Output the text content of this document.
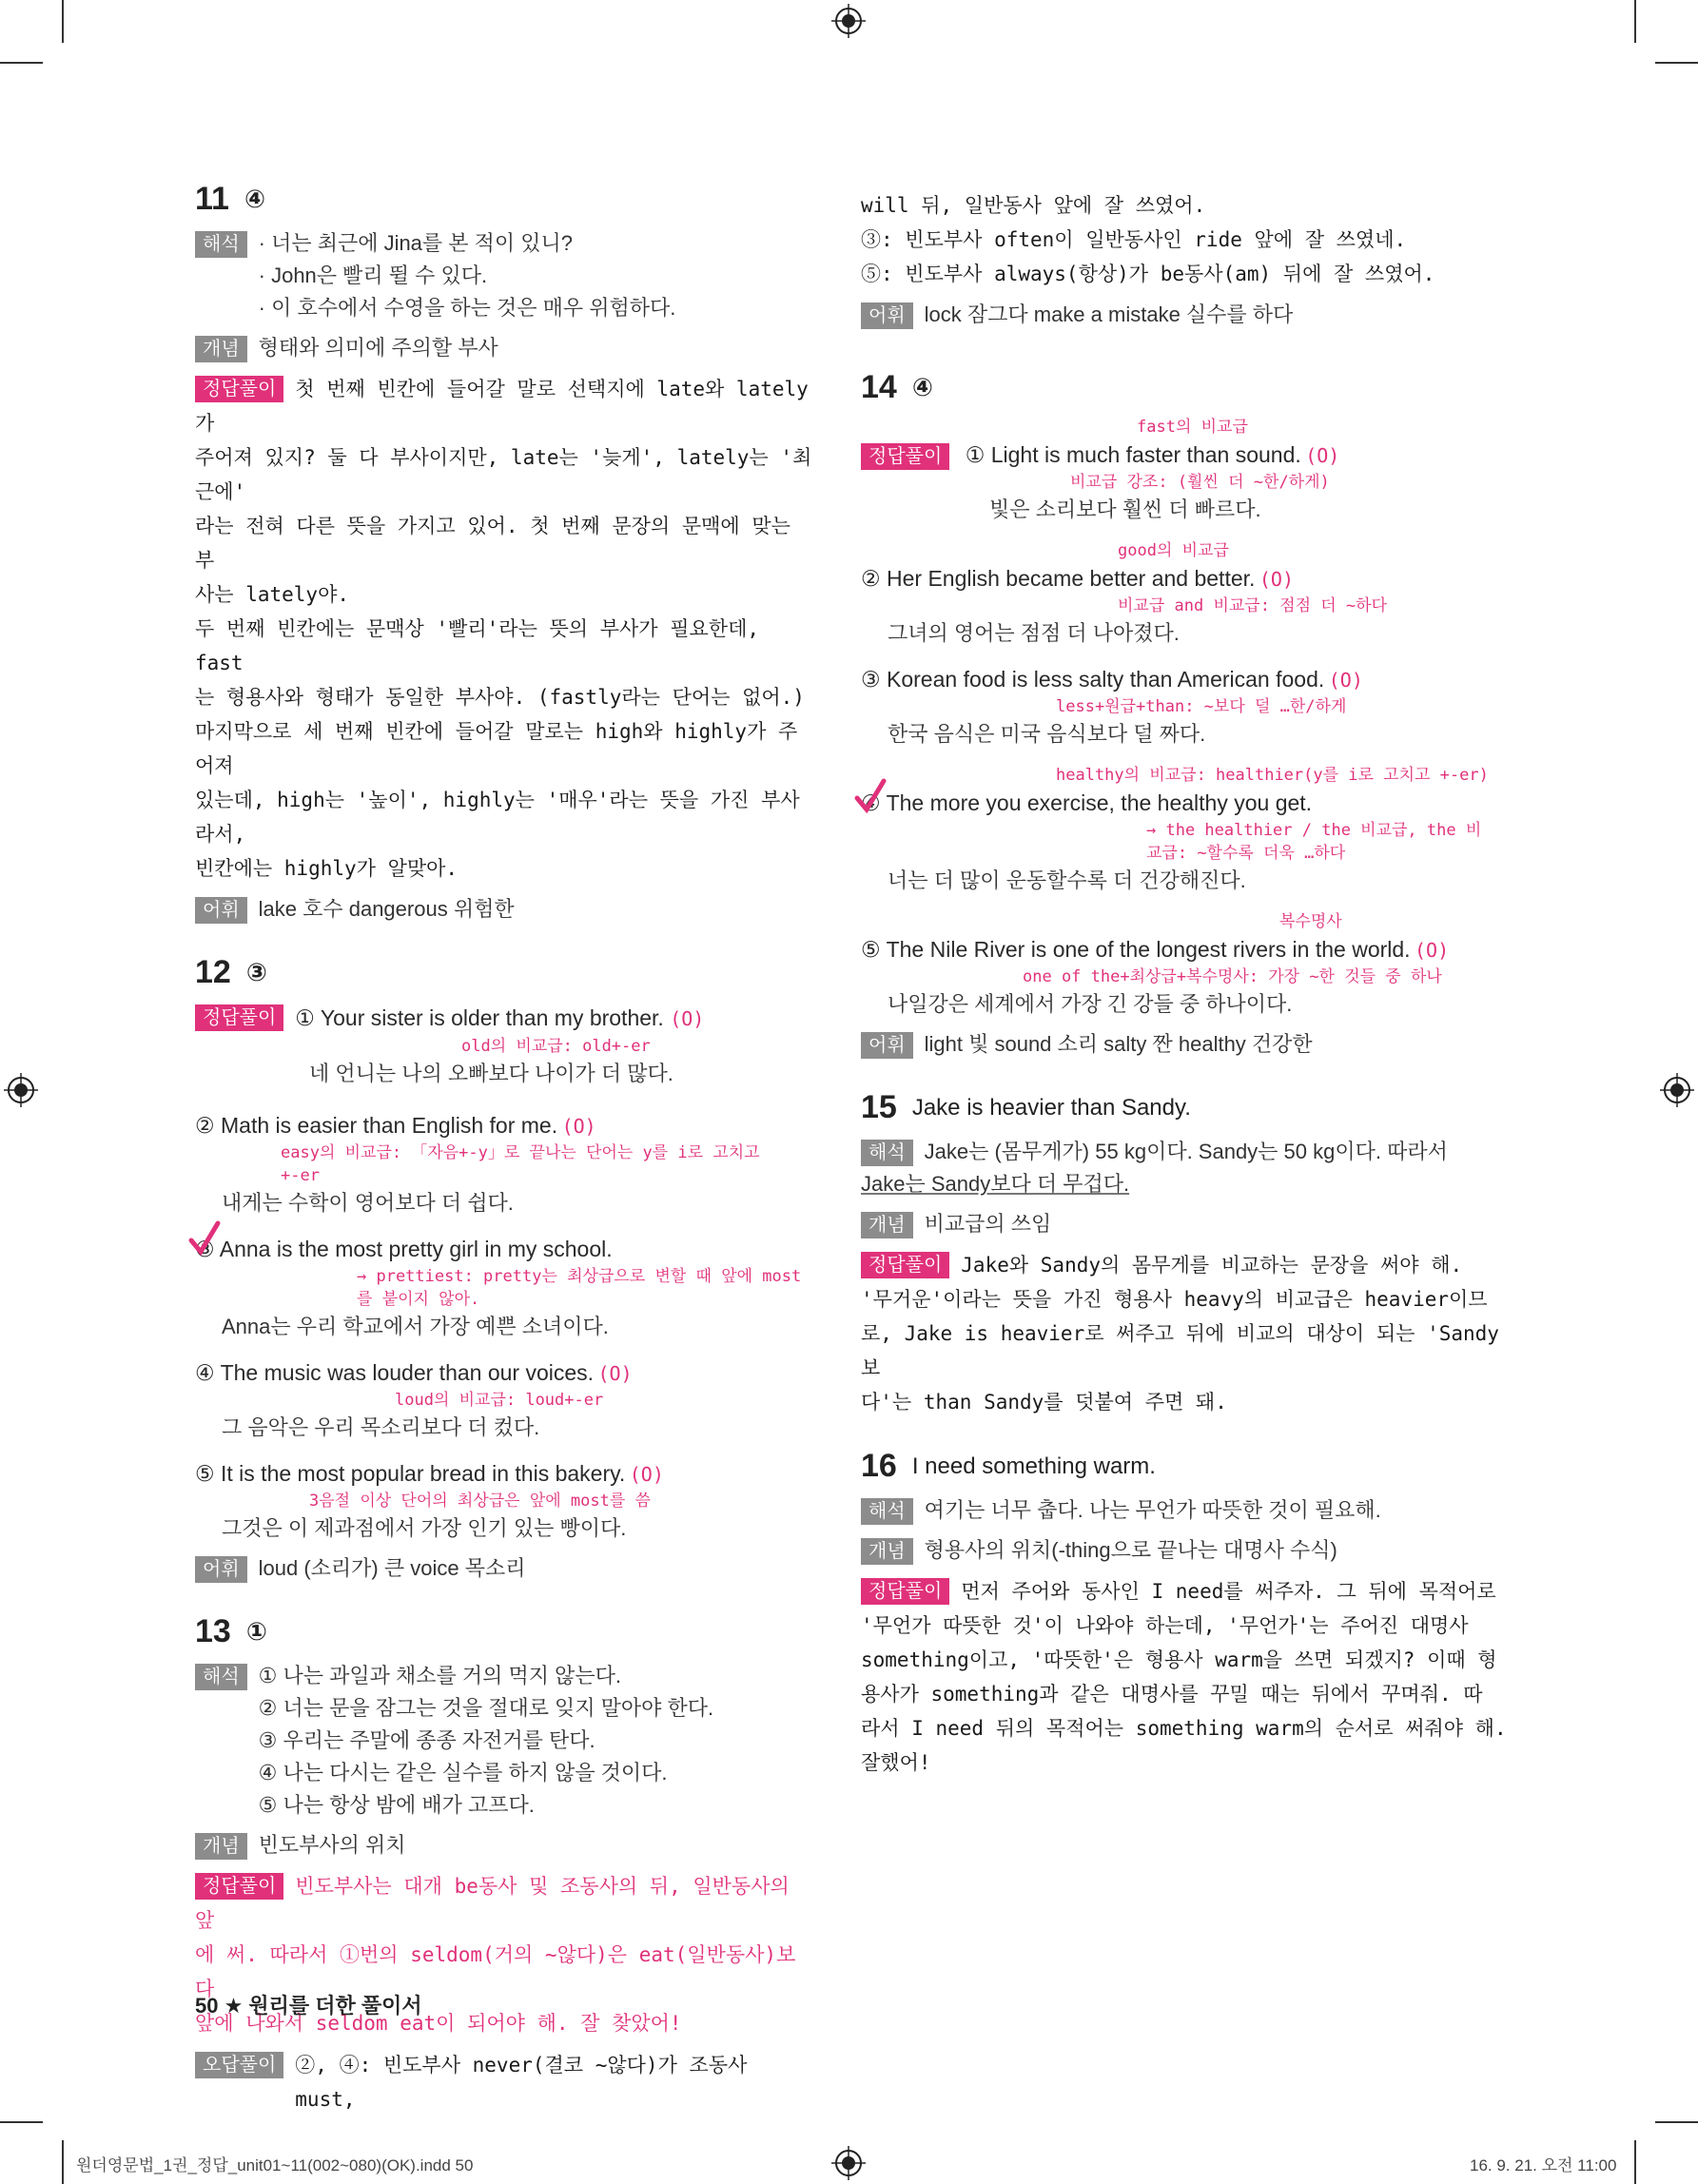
11 ④
해석 · 너는 최근에 Jina를 본 적이 있니?
· John은 빨리 뛸 수 있다.
· 이 호수에서 수영을 하는 것은 매우 위험하다.
개념 형태와 의미에 주의할 부사
정답풀이 첫 번째 빈칸에 들어갈 말로 선택지에 late와 lately가
주어져 있지? 둘 다 부사이지만, late는 '늦게', lately는 '최근에'
라는 전혀 다른 뜻을 가지고 있어. 첫 번째 문장의 문맥에 맞는 부
사는 lately야.
두 번째 빈칸에는 문맥상 '빨리'라는 뜻의 부사가 필요한데, fast
는 형용사와 형태가 동일한 부사야. (fastly라는 단어는 없어.)
마지막으로 세 번째 빈칸에 들어갈 말로는 high와 highly가 주어져
있는데, high는 '높이', highly는 '매우'라는 뜻을 가진 부사라서,
빈칸에는 highly가 알맞아.
어휘 lake 호수 dangerous 위험한
12 ③
정답풀이 ① Your sister is older than my brother. (O)
old의 비교급: old+-er
네 언니는 나의 오빠보다 나이가 더 많다.
② Math is easier than English for me. (O)
easy의 비교급: 「자음+-y」로 끝나는 단어는 y를 i로 고치고 +-er
내게는 수학이 영어보다 더 쉽다.
③ Anna is the most pretty girl in my school.
→ prettiest: pretty는 최상급으로 변할 때 앞에 most를 붙이지 않아.
Anna는 우리 학교에서 가장 예쁜 소녀이다.
④ The music was louder than our voices. (O)
loud의 비교급: loud+-er
그 음악은 우리 목소리보다 더 컸다.
⑤ It is the most popular bread in this bakery. (O)
3음절 이상 단어의 최상급은 앞에 most를 씀
그것은 이 제과점에서 가장 인기 있는 빵이다.
어휘 loud (소리가) 큰 voice 목소리
13 ①
해석 ① 나는 과일과 채소를 거의 먹지 않는다.
② 너는 문을 잠그는 것을 절대로 잊지 말아야 한다.
③ 우리는 주말에 종종 자전거를 탄다.
④ 나는 다시는 같은 실수를 하지 않을 것이다.
⑤ 나는 항상 밤에 배가 고프다.
개념 빈도부사의 위치
정답풀이 빈도부사는 대개 be동사 및 조동사의 뒤, 일반동사의 앞
에 써. 따라서 ①번의 seldom(거의 ~않다)은 eat(일반동사)보다
앞에 나와서 seldom eat이 되어야 해. 잘 찾았어!
오답풀이 ②, ④: 빈도부사 never(결코 ~않다)가 조동사 must,
50 ★ 원리를 더한 풀이서
will 뒤, 일반동사 앞에 잘 쓰였어.
③: 빈도부사 often이 일반동사인 ride 앞에 잘 쓰였네.
⑤: 빈도부사 always(항상)가 be동사(am) 뒤에 잘 쓰였어.
어휘 lock 잠그다 make a mistake 실수를 하다
14 ④
fast의 비교급
정답풀이 ① Light is much faster than sound. (O)
비교급 강조: (훨씬 더 ~한/하게)
빛은 소리보다 훨씬 더 빠르다.
good의 비교급
② Her English became better and better. (O)
비교급 and 비교급: 점점 더 ~하다
그녀의 영어는 점점 더 나아졌다.
③ Korean food is less salty than American food. (O)
less+원급+than: ~보다 덜 …한/하게
한국 음식은 미국 음식보다 덜 짜다.
healthy의 비교급: healthier(y를 i로 고치고 +-er)
④ The more you exercise, the healthy you get.
→ the healthier / the 비교급, the 비교급: ~할수록 더욱 …하다
너는 더 많이 운동할수록 더 건강해진다.
복수명사
⑤ The Nile River is one of the longest rivers in the world. (O)
one of the+최상급+복수명사: 가장 ~한 것들 중 하나
나일강은 세계에서 가장 긴 강들 중 하나이다.
어휘 light 빛 sound 소리 salty 짠 healthy 건강한
15 Jake is heavier than Sandy.
해석 Jake는 (몸무게가) 55 kg이다. Sandy는 50 kg이다. 따라서
Jake는 Sandy보다 더 무겁다.
개념 비교급의 쓰임
정답풀이 Jake와 Sandy의 몸무게를 비교하는 문장을 써야 해.
'무거운'이라는 뜻을 가진 형용사 heavy의 비교급은 heavier이므
로, Jake is heavier로 써주고 뒤에 비교의 대상이 되는 'Sandy보
다'는 than Sandy를 덧붙여 주면 돼.
16 I need something warm.
해석 여기는 너무 춥다. 나는 무언가 따뜻한 것이 필요해.
개념 형용사의 위치(-thing으로 끝나는 대명사 수식)
정답풀이 먼저 주어와 동사인 I need를 써주자. 그 뒤에 목적어로
'무언가 따뜻한 것'이 나와야 하는데, '무언가'는 주어진 대명사
something이고, '따뜻한'은 형용사 warm을 쓰면 되겠지? 이때 형
용사가 something과 같은 대명사를 꾸밀 때는 뒤에서 꾸며줘. 따
라서 I need 뒤의 목적어는 something warm의 순서로 써줘야 해.
잘했어!
원더영문법_1권_정답_unit01~11(002~080)(OK).indd 50	16. 9. 21. 오전 11:00
